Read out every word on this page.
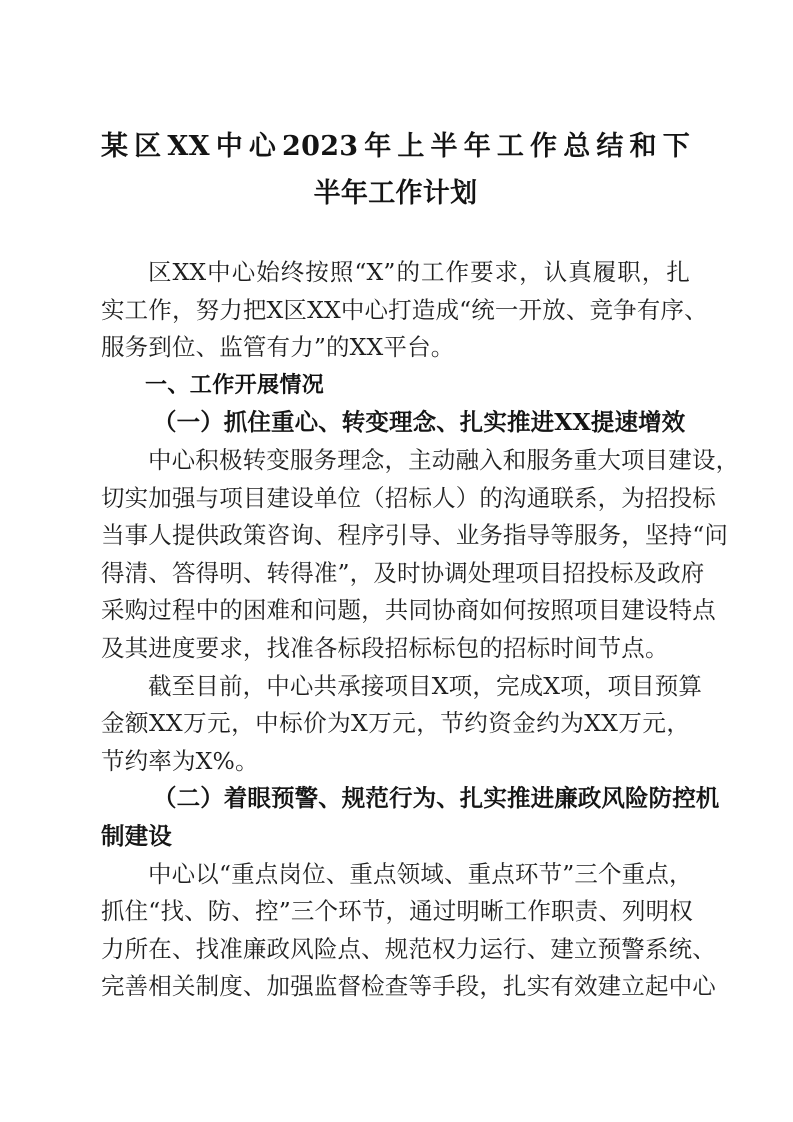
某区XX中心2023年上半年工作总结和下
半年工作计划

区XX中心始终按照“X”的工作要求，认真履职，扎
实工作，努力把X区XX中心打造成“统一开放、竞争有序、
服务到位、监管有力”的XX平台。

一、工作开展情况

（一）抓住重心、转变理念、扎实推进XX提速增效

中心积极转变服务理念，主动融入和服务重大项目建设，
切实加强与项目建设单位（招标人）的沟通联系，为招投标
当事人提供政策咨询、程序引导、业务指导等服务，坚持“问
得清、答得明、转得准”，及时协调处理项目招投标及政府
采购过程中的困难和问题，共同协商如何按照项目建设特点
及其进度要求，找准各标段招标标包的招标时间节点。

截至目前，中心共承接项目X项，完成X项，项目预算
金额XX万元，中标价为X万元，节约资金约为XX万元，
节约率为X%。

（二）着眼预警、规范行为、扎实推进廉政风险防控机
制建设

中心以“重点岗位、重点领域、重点环节”三个重点，
抓住“找、防、控”三个环节，通过明晰工作职责、列明权
力所在、找准廉政风险点、规范权力运行、建立预警系统、
完善相关制度、加强监督检查等手段，扎实有效建立起中心
